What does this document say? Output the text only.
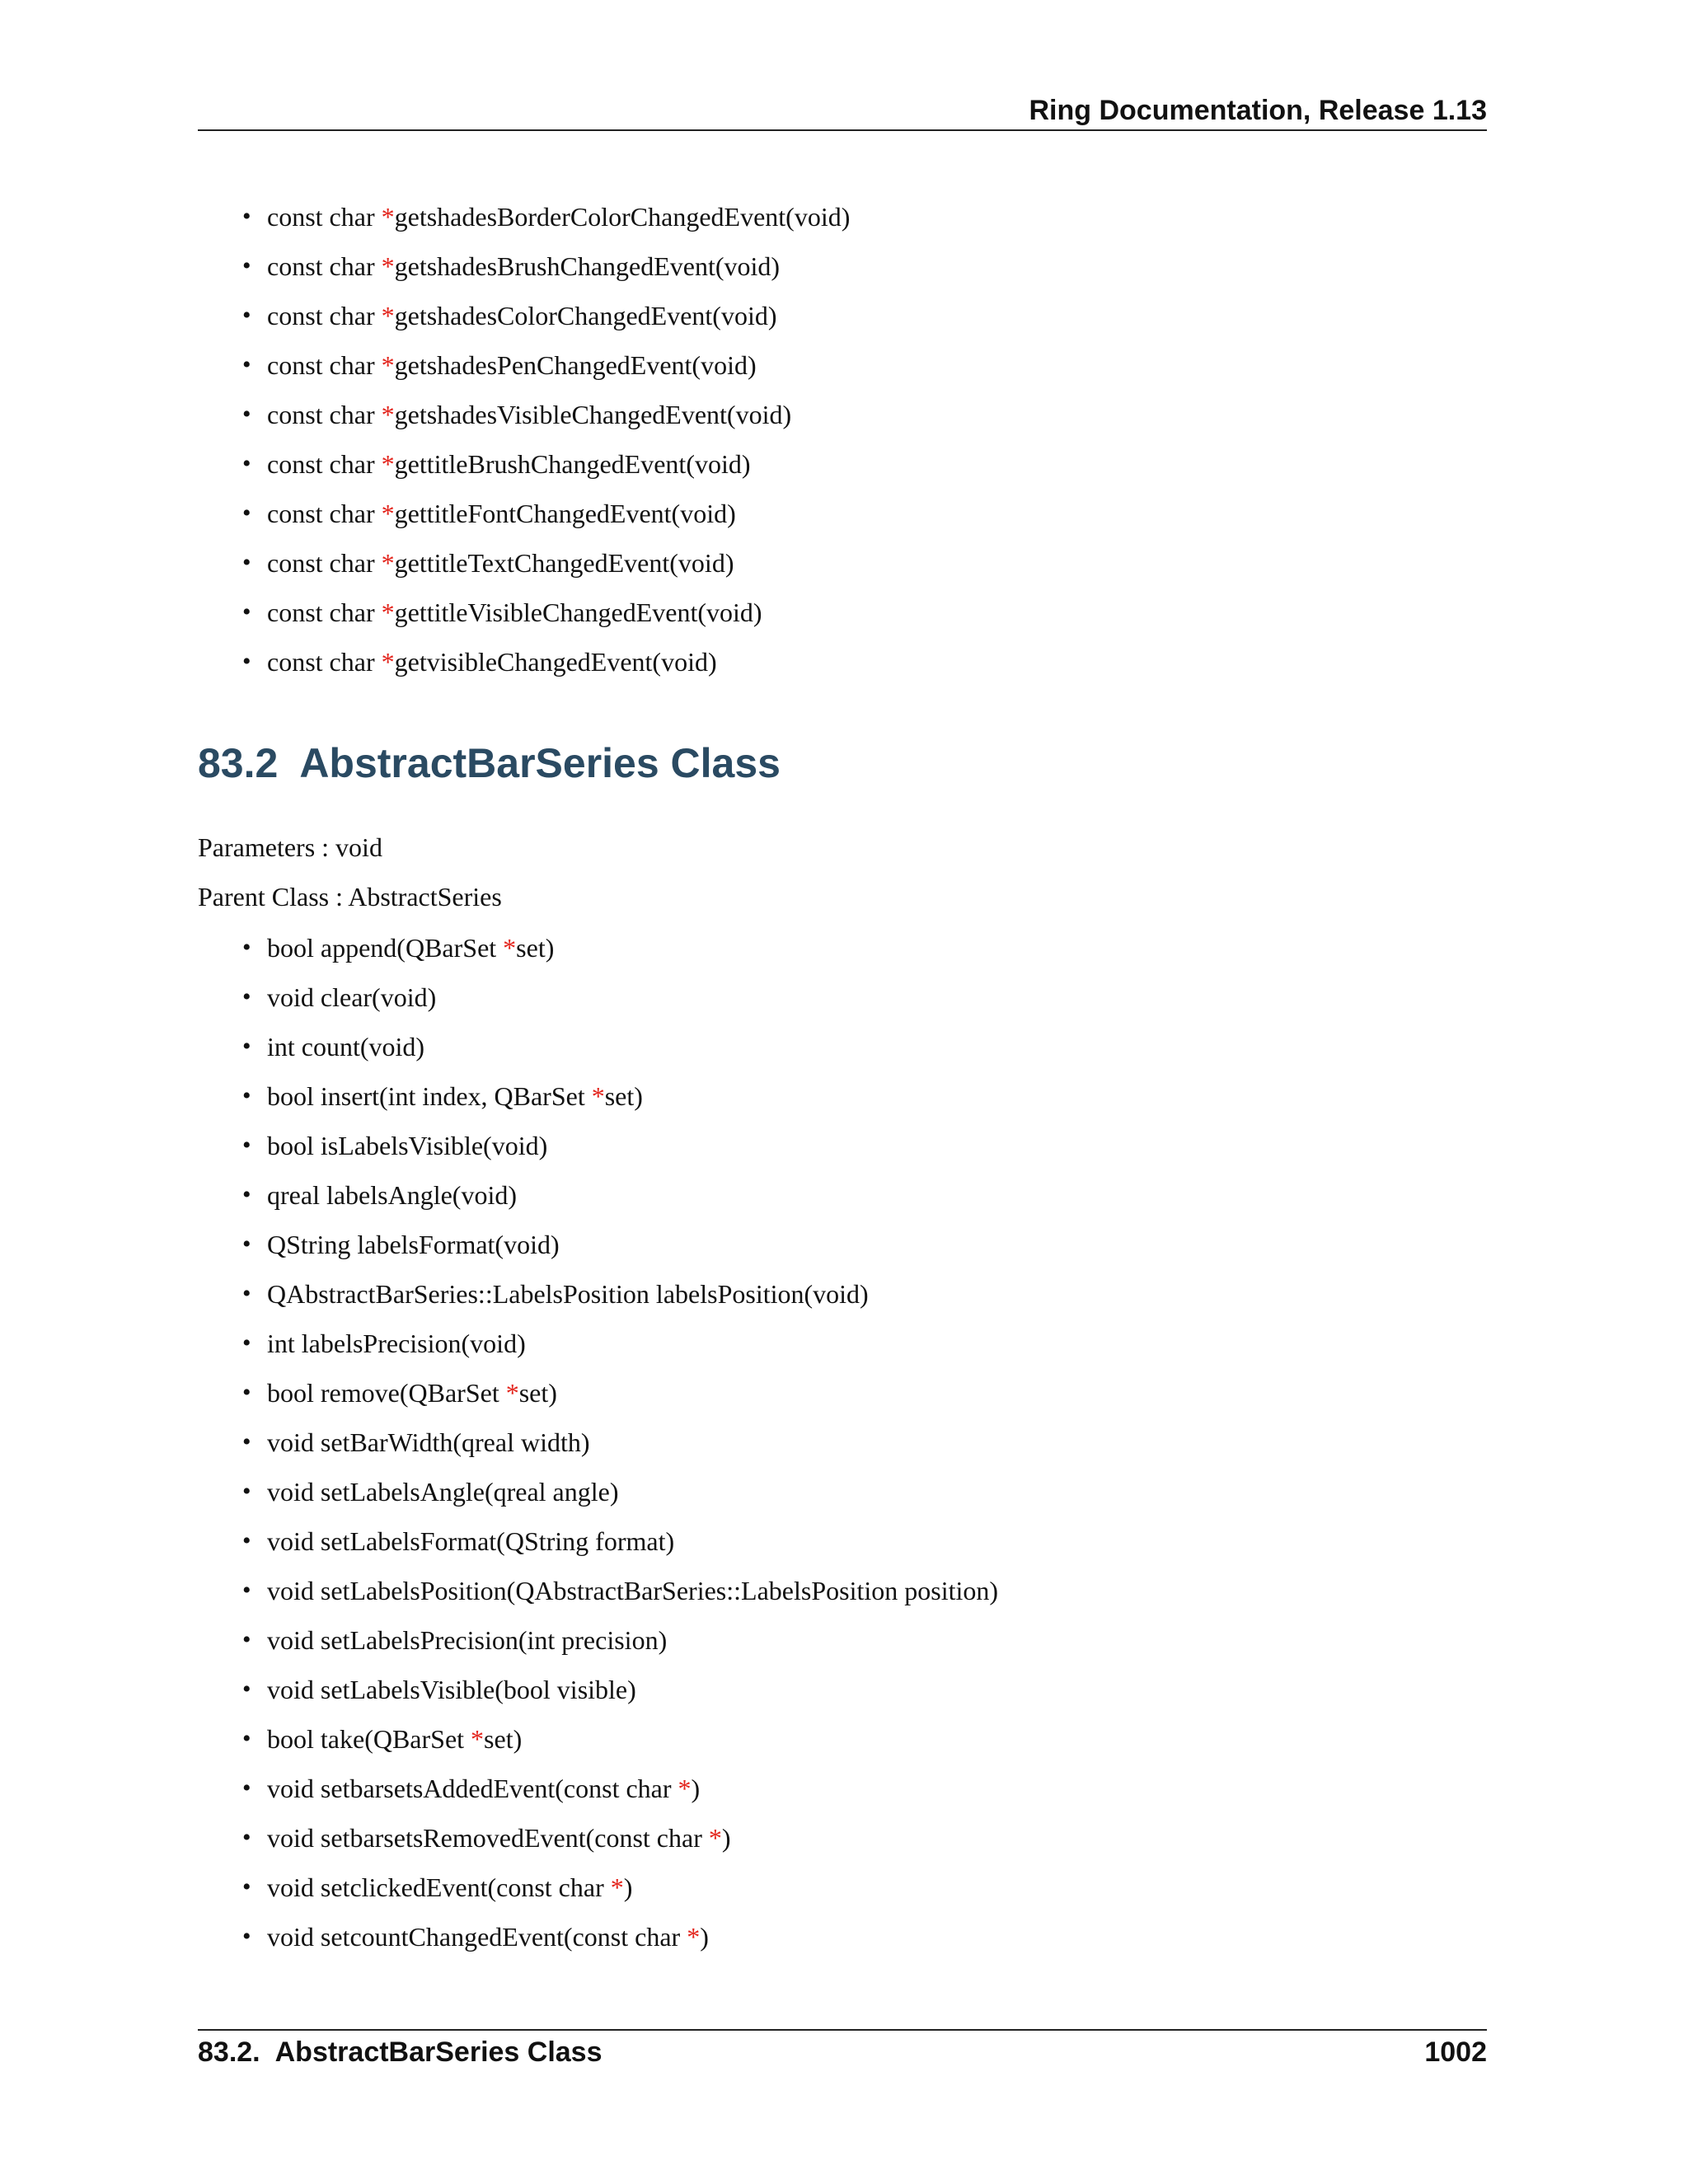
Ring Documentation, Release 1.13
• const char *getshadesBorderColorChangedEvent(void)
• const char *getshadesBrushChangedEvent(void)
• const char *getshadesColorChangedEvent(void)
• const char *getshadesPenChangedEvent(void)
• const char *getshadesVisibleChangedEvent(void)
• const char *gettitleBrushChangedEvent(void)
• const char *gettitleFontChangedEvent(void)
• const char *gettitleTextChangedEvent(void)
• const char *gettitleVisibleChangedEvent(void)
• const char *getvisibleChangedEvent(void)
83.2 AbstractBarSeries Class

Parameters : void

Parent Class : AbstractSeries

• bool append(QBarSet *set)
• void clear(void)
• int count(void)
• bool insert(int index, QBarSet *set)
• bool isLabelsVisible(void)
• qreal labelsAngle(void)
• QString labelsFormat(void)
• QAbstractBarSeries::LabelsPosition labelsPosition(void)
• int labelsPrecision(void)
• bool remove(QBarSet *set)
• void setBarWidth(qreal width)
• void setLabelsAngle(qreal angle)
• void setLabelsFormat(QString format)
• void setLabelsPosition(QAbstractBarSeries::LabelsPosition position)
• void setLabelsPrecision(int precision)
• void setLabelsVisible(bool visible)
• bool take(QBarSet *set)
• void setbarsetsAddedEvent(const char *)
• void setbarsetsRemovedEvent(const char *)
• void setclickedEvent(const char *)
• void setcountChangedEvent(const char *)
83.2. AbstractBarSeries Class	1002
